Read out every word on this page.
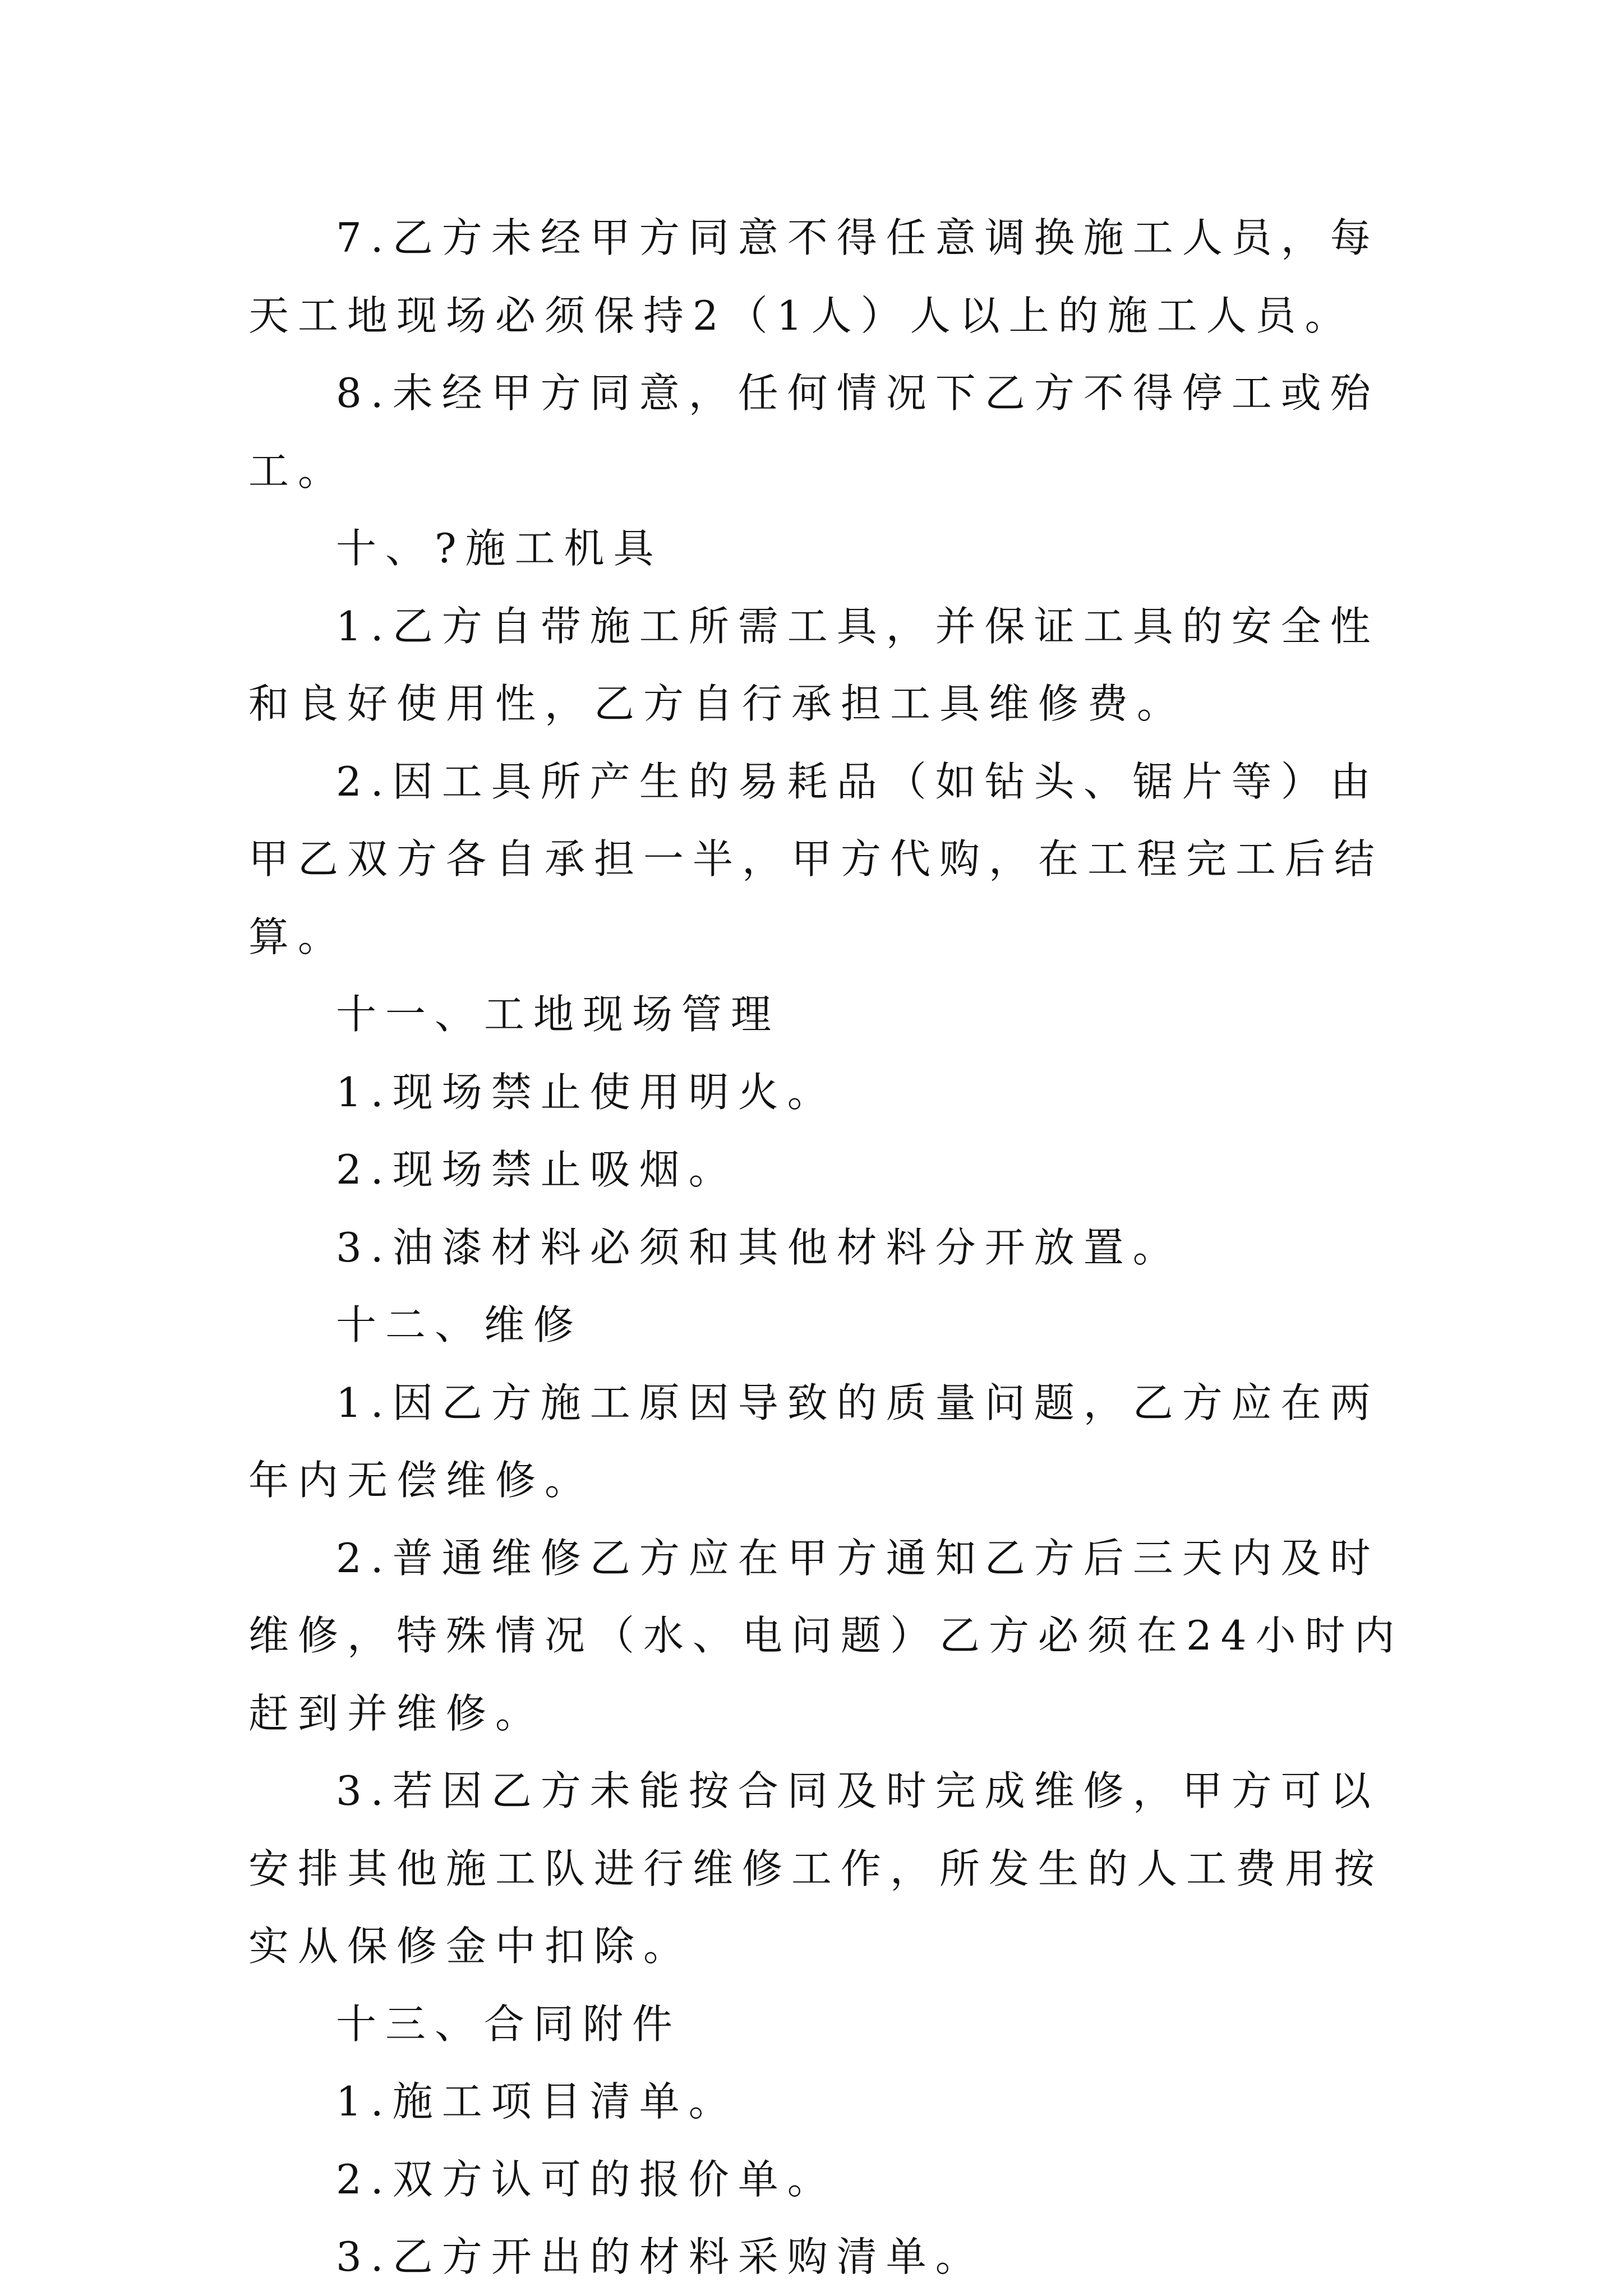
7.乙方未经甲方同意不得任意调换施工人员，每天工地现场必须保持2（1人）人以上的施工人员。

8.未经甲方同意，任何情况下乙方不得停工或殆工。

十、?施工机具

1.乙方自带施工所需工具，并保证工具的安全性和良好使用性，乙方自行承担工具维修费。

2.因工具所产生的易耗品（如钻头、锯片等）由甲乙双方各自承担一半，甲方代购，在工程完工后结算。

十一、工地现场管理

1.现场禁止使用明火。

2.现场禁止吸烟。

3.油漆材料必须和其他材料分开放置。

十二、维修

1.因乙方施工原因导致的质量问题，乙方应在两年内无偿维修。

2.普通维修乙方应在甲方通知乙方后三天内及时维修，特殊情况（水、电问题）乙方必须在24小时内赶到并维修。

3.若因乙方未能按合同及时完成维修，甲方可以安排其他施工队进行维修工作，所发生的人工费用按实从保修金中扣除。

十三、合同附件

1.施工项目清单。

2.双方认可的报价单。

3.乙方开出的材料采购清单。
